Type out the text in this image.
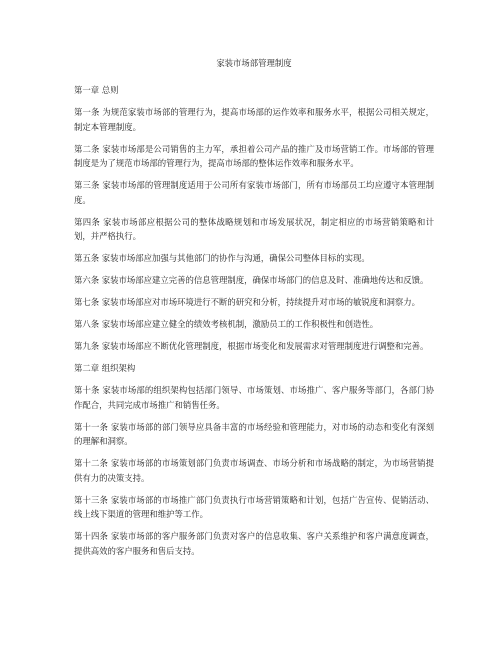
家装市场部管理制度
第一章 总则

第一条 为规范家装市场部的管理行为，提高市场部的运作效率和服务水平，根据公司相关规定，制定本管理制度。

第二条 家装市场部是公司销售的主力军，承担着公司产品的推广及市场营销工作。市场部的管理制度是为了规范市场部的管理行为，提高市场部的整体运作效率和服务水平。

第三条 家装市场部的管理制度适用于公司所有家装市场部门，所有市场部员工均应遵守本管理制度。

第四条 家装市场部应根据公司的整体战略规划和市场发展状况，制定相应的市场营销策略和计划，并严格执行。

第五条 家装市场部应加强与其他部门的协作与沟通，确保公司整体目标的实现。

第六条 家装市场部应建立完善的信息管理制度，确保市场部门的信息及时、准确地传达和反馈。

第七条 家装市场部应对市场环境进行不断的研究和分析，持续提升对市场的敏锐度和洞察力。

第八条 家装市场部应建立健全的绩效考核机制，激励员工的工作积极性和创造性。

第九条 家装市场部应不断优化管理制度，根据市场变化和发展需求对管理制度进行调整和完善。

第二章 组织架构

第十条 家装市场部的组织架构包括部门领导、市场策划、市场推广、客户服务等部门，各部门协作配合，共同完成市场推广和销售任务。

第十一条 家装市场部的部门领导应具备丰富的市场经验和管理能力，对市场的动态和变化有深刻的理解和洞察。

第十二条 家装市场部的市场策划部门负责市场调查、市场分析和市场战略的制定，为市场营销提供有力的决策支持。

第十三条 家装市场部的市场推广部门负责执行市场营销策略和计划，包括广告宣传、促销活动、线上线下渠道的管理和维护等工作。

第十四条 家装市场部的客户服务部门负责对客户的信息收集、客户关系维护和客户满意度调查，提供高效的客户服务和售后支持。
